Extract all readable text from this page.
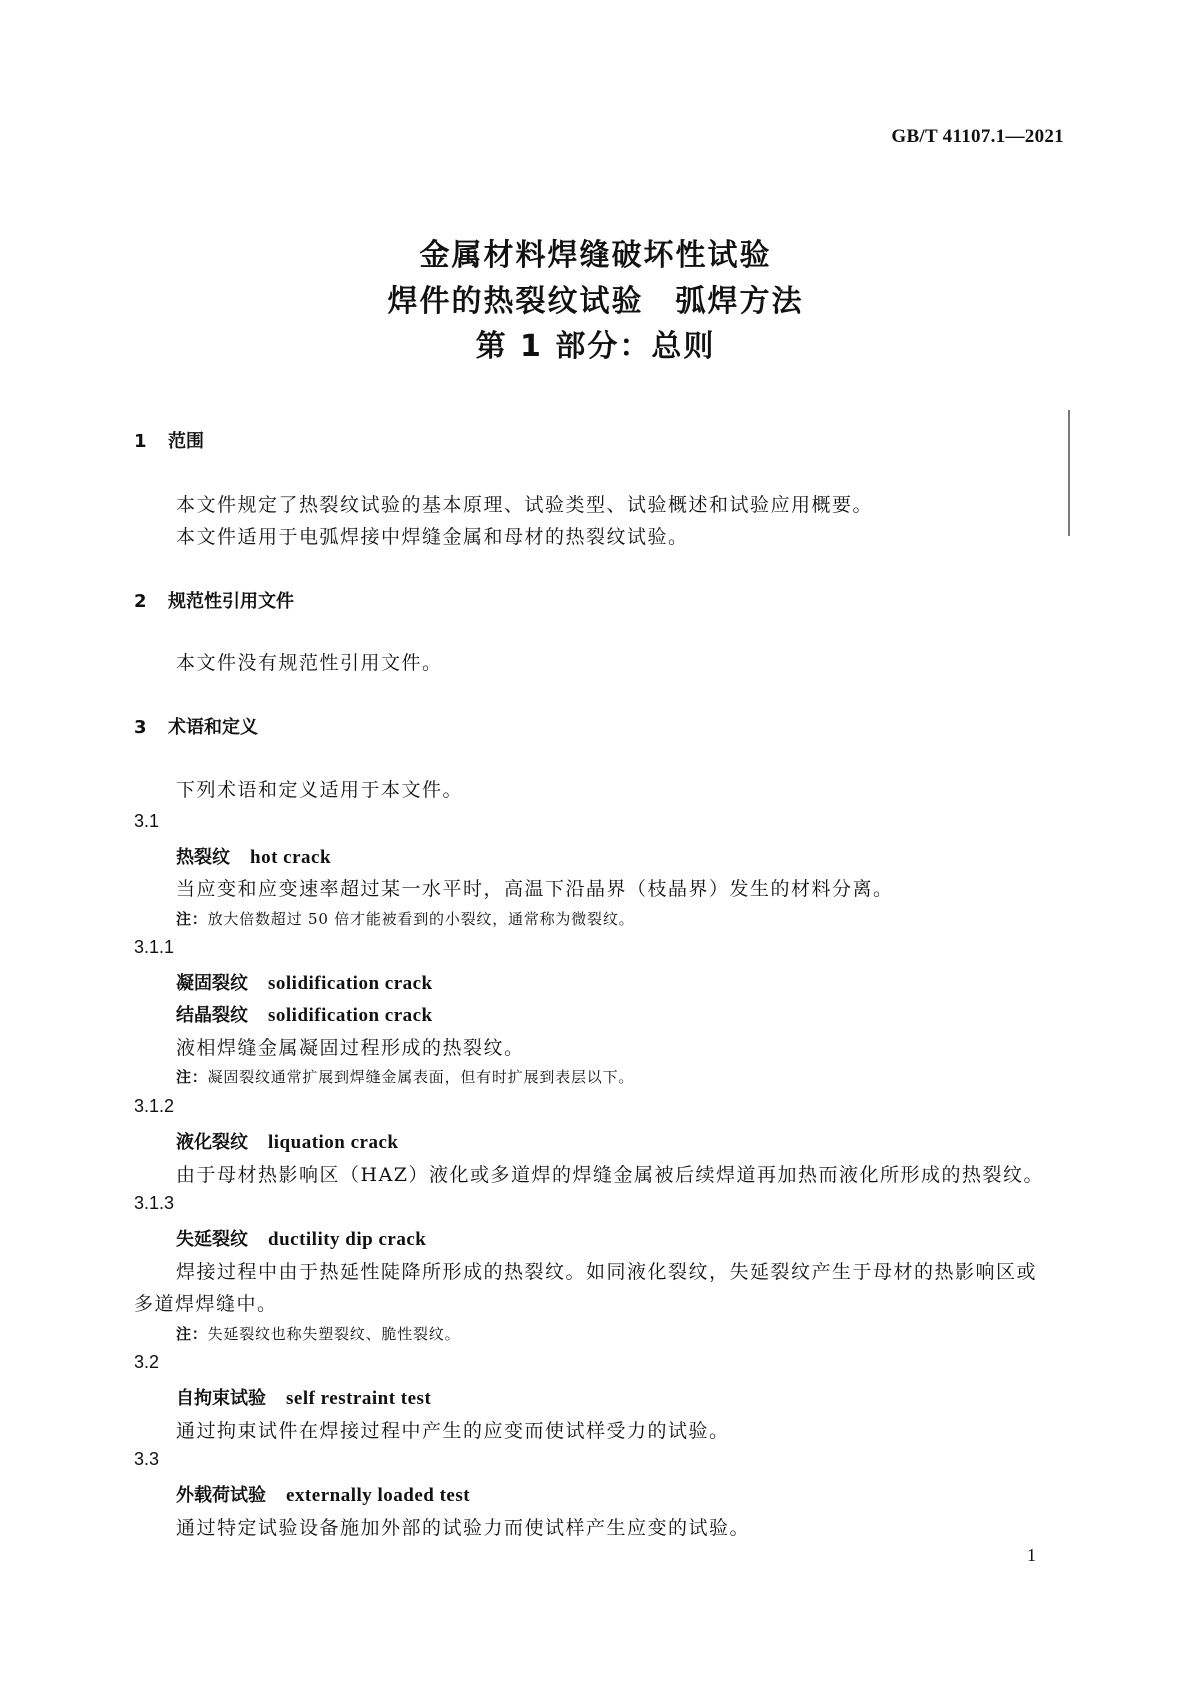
GB/T 41107.1—2021
金属材料焊缝破坏性试验
焊件的热裂纹试验　弧焊方法
第 1 部分：总则
1 范围
本文件规定了热裂纹试验的基本原理、试验类型、试验概述和试验应用概要。
本文件适用于电弧焊接中焊缝金属和母材的热裂纹试验。
2 规范性引用文件
本文件没有规范性引用文件。
3 术语和定义
下列术语和定义适用于本文件。
3.1
热裂纹 hot crack
当应变和应变速率超过某一水平时，高温下沿晶界（枝晶界）发生的材料分离。
注：放大倍数超过 50 倍才能被看到的小裂纹，通常称为微裂纹。
3.1.1
凝固裂纹 solidification crack
结晶裂纹 solidification crack
液相焊缝金属凝固过程形成的热裂纹。
注：凝固裂纹通常扩展到焊缝金属表面，但有时扩展到表层以下。
3.1.2
液化裂纹 liquation crack
由于母材热影响区（HAZ）液化或多道焊的焊缝金属被后续焊道再加热而液化所形成的热裂纹。
3.1.3
失延裂纹 ductility dip crack
焊接过程中由于热延性陡降所形成的热裂纹。如同液化裂纹，失延裂纹产生于母材的热影响区或
多道焊焊缝中。
注：失延裂纹也称失塑裂纹、脆性裂纹。
3.2
自拘束试验 self restraint test
通过拘束试件在焊接过程中产生的应变而使试样受力的试验。
3.3
外载荷试验 externally loaded test
通过特定试验设备施加外部的试验力而使试样产生应变的试验。
1
